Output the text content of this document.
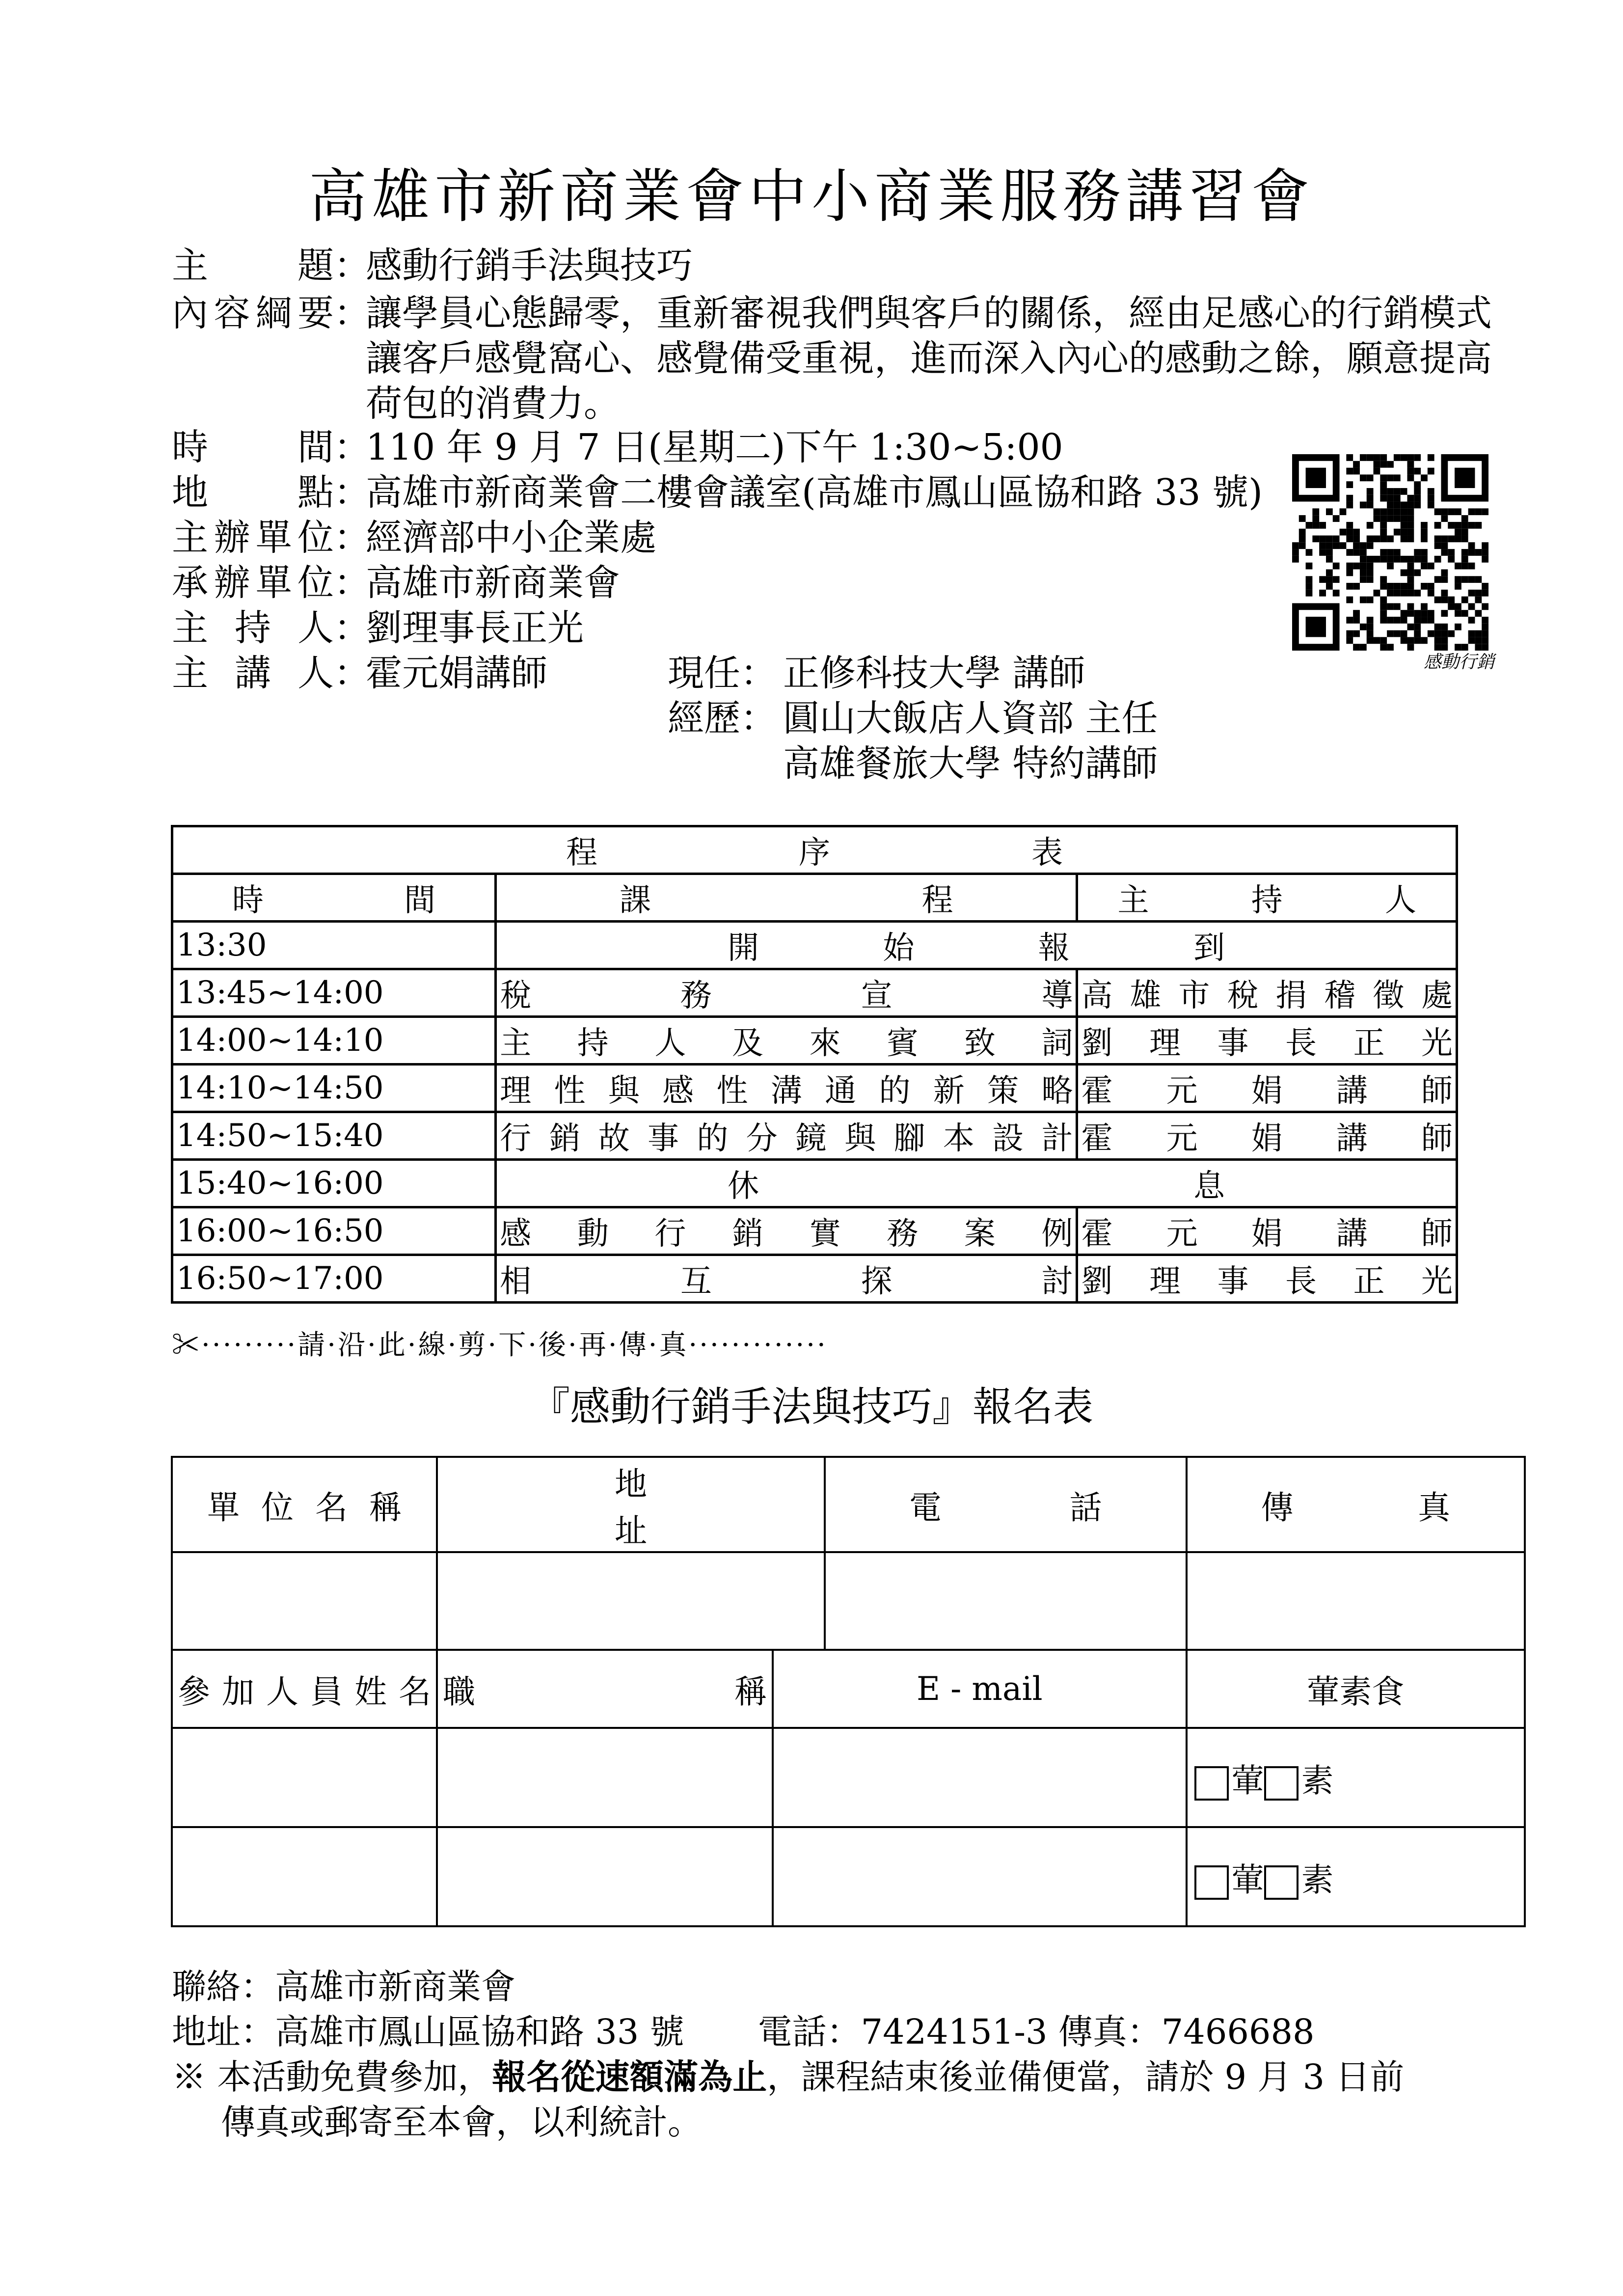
高雄市新商業會中小商業服務講習會
主題 ：
感動行銷手法與技巧
內容綱要 ：
讓學員心態歸零，重新審視我們與客戶的關係，經由足感心的行銷模式讓客戶感覺窩心、感覺備受重視，進而深入內心的感動之餘，願意提高荷包的消費力。
時間 ：
110 年 9 月 7 日(星期二)下午 1:30~5:00
地點 ：
高雄市新商業會二樓會議室(高雄市鳳山區協和路 33 號)
主辦單位 ：
經濟部中小企業處
承辦單位 ：
高雄市新商業會
主持人 ：
劉理事長正光
主講人 ：
霍元娟講師	現任： 正修科技大學 講師
經歷： 圓山大飯店人資部 主任
高雄餐旅大學 特約講師
感動行銷
程序表		

時間	課程	主持人

13:30	開始報到	

13:45~14:00	稅務宣導	高雄市稅捐稽徵處

14:00~14:10	主持人及來賓致詞	劉理事長正光

14:10~14:50	理性與感性溝通的新策略	霍元娟講師

14:50~15:40	行銷故事的分鏡與腳本設計	霍元娟講師

15:40~16:00	休息	

16:00~16:50	感動行銷實務案例	霍元娟講師

16:50~17:00	相互探討	劉理事長正光
✂·········請·沿·此·線·剪·下·後·再·傳·真·············
『感動行銷手法與技巧』報名表
單位名稱	地址		電話	傳真

參加人員姓名	職稱	E - mail		葷素食
				葷 素
				葷 素
聯絡：高雄市新商業會
地址：高雄市鳳山區協和路 33 號 電話：7424151-3 傳真：7466688
※ 本活動免費參加，報名從速額滿為止，課程結束後並備便當，請於 9 月 3 日前
傳真或郵寄至本會，以利統計。
